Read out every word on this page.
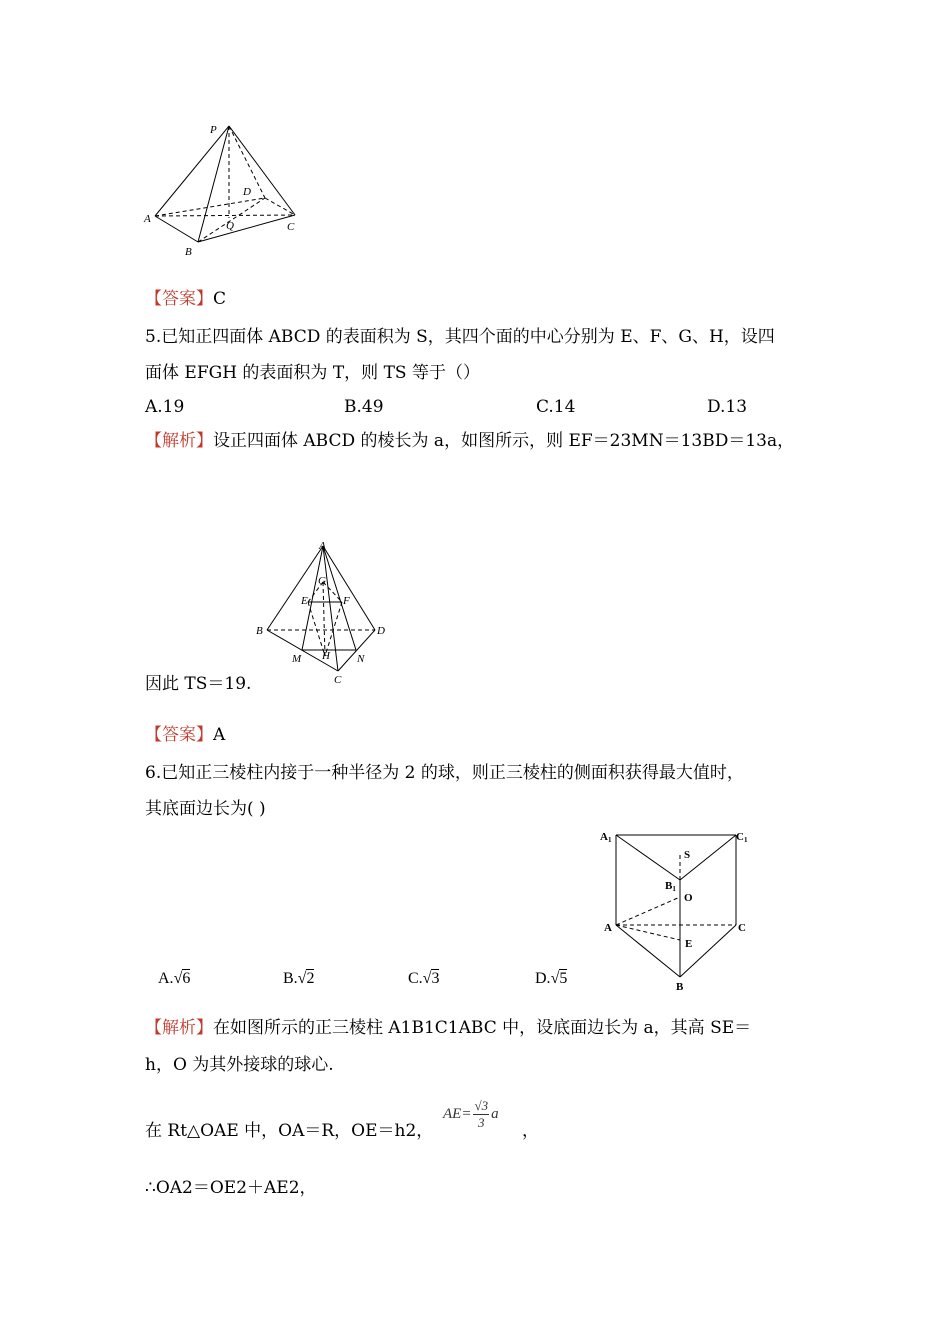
P
A
B
C
D
Q
【答案】C
5.已知正四面体 ABCD 的表面积为 S，其四个面的中心分别为 E、F、G、H，设四
面体 EFGH 的表面积为 T，则 TS 等于（）
A.19	B.49	C.14	D.13
【解析】设正四面体 ABCD 的棱长为 a，如图所示，则 EF＝23MN＝13BD＝13a，
A
B
C
D
E	F
G
H
M	N
因此 TS＝19.
【答案】A
6.已知正三棱柱内接于一种半径为 2 的球，则正三棱柱的侧面积获得最大值时，
其底面边长为( )
A1	C1
B1
S
O
A	C
E
B
A.√6	B.√2	C.√3	D.√5
【解析】在如图所示的正三棱柱 A1B1C1ABC 中，设底面边长为 a，其高 SE＝
h，O 为其外接球的球心.
在 Rt△OAE 中，OA＝R，OE＝h2，
$AE= \frac{√3}{3}$ a
，
∴OA2＝OE2＋AE2，
